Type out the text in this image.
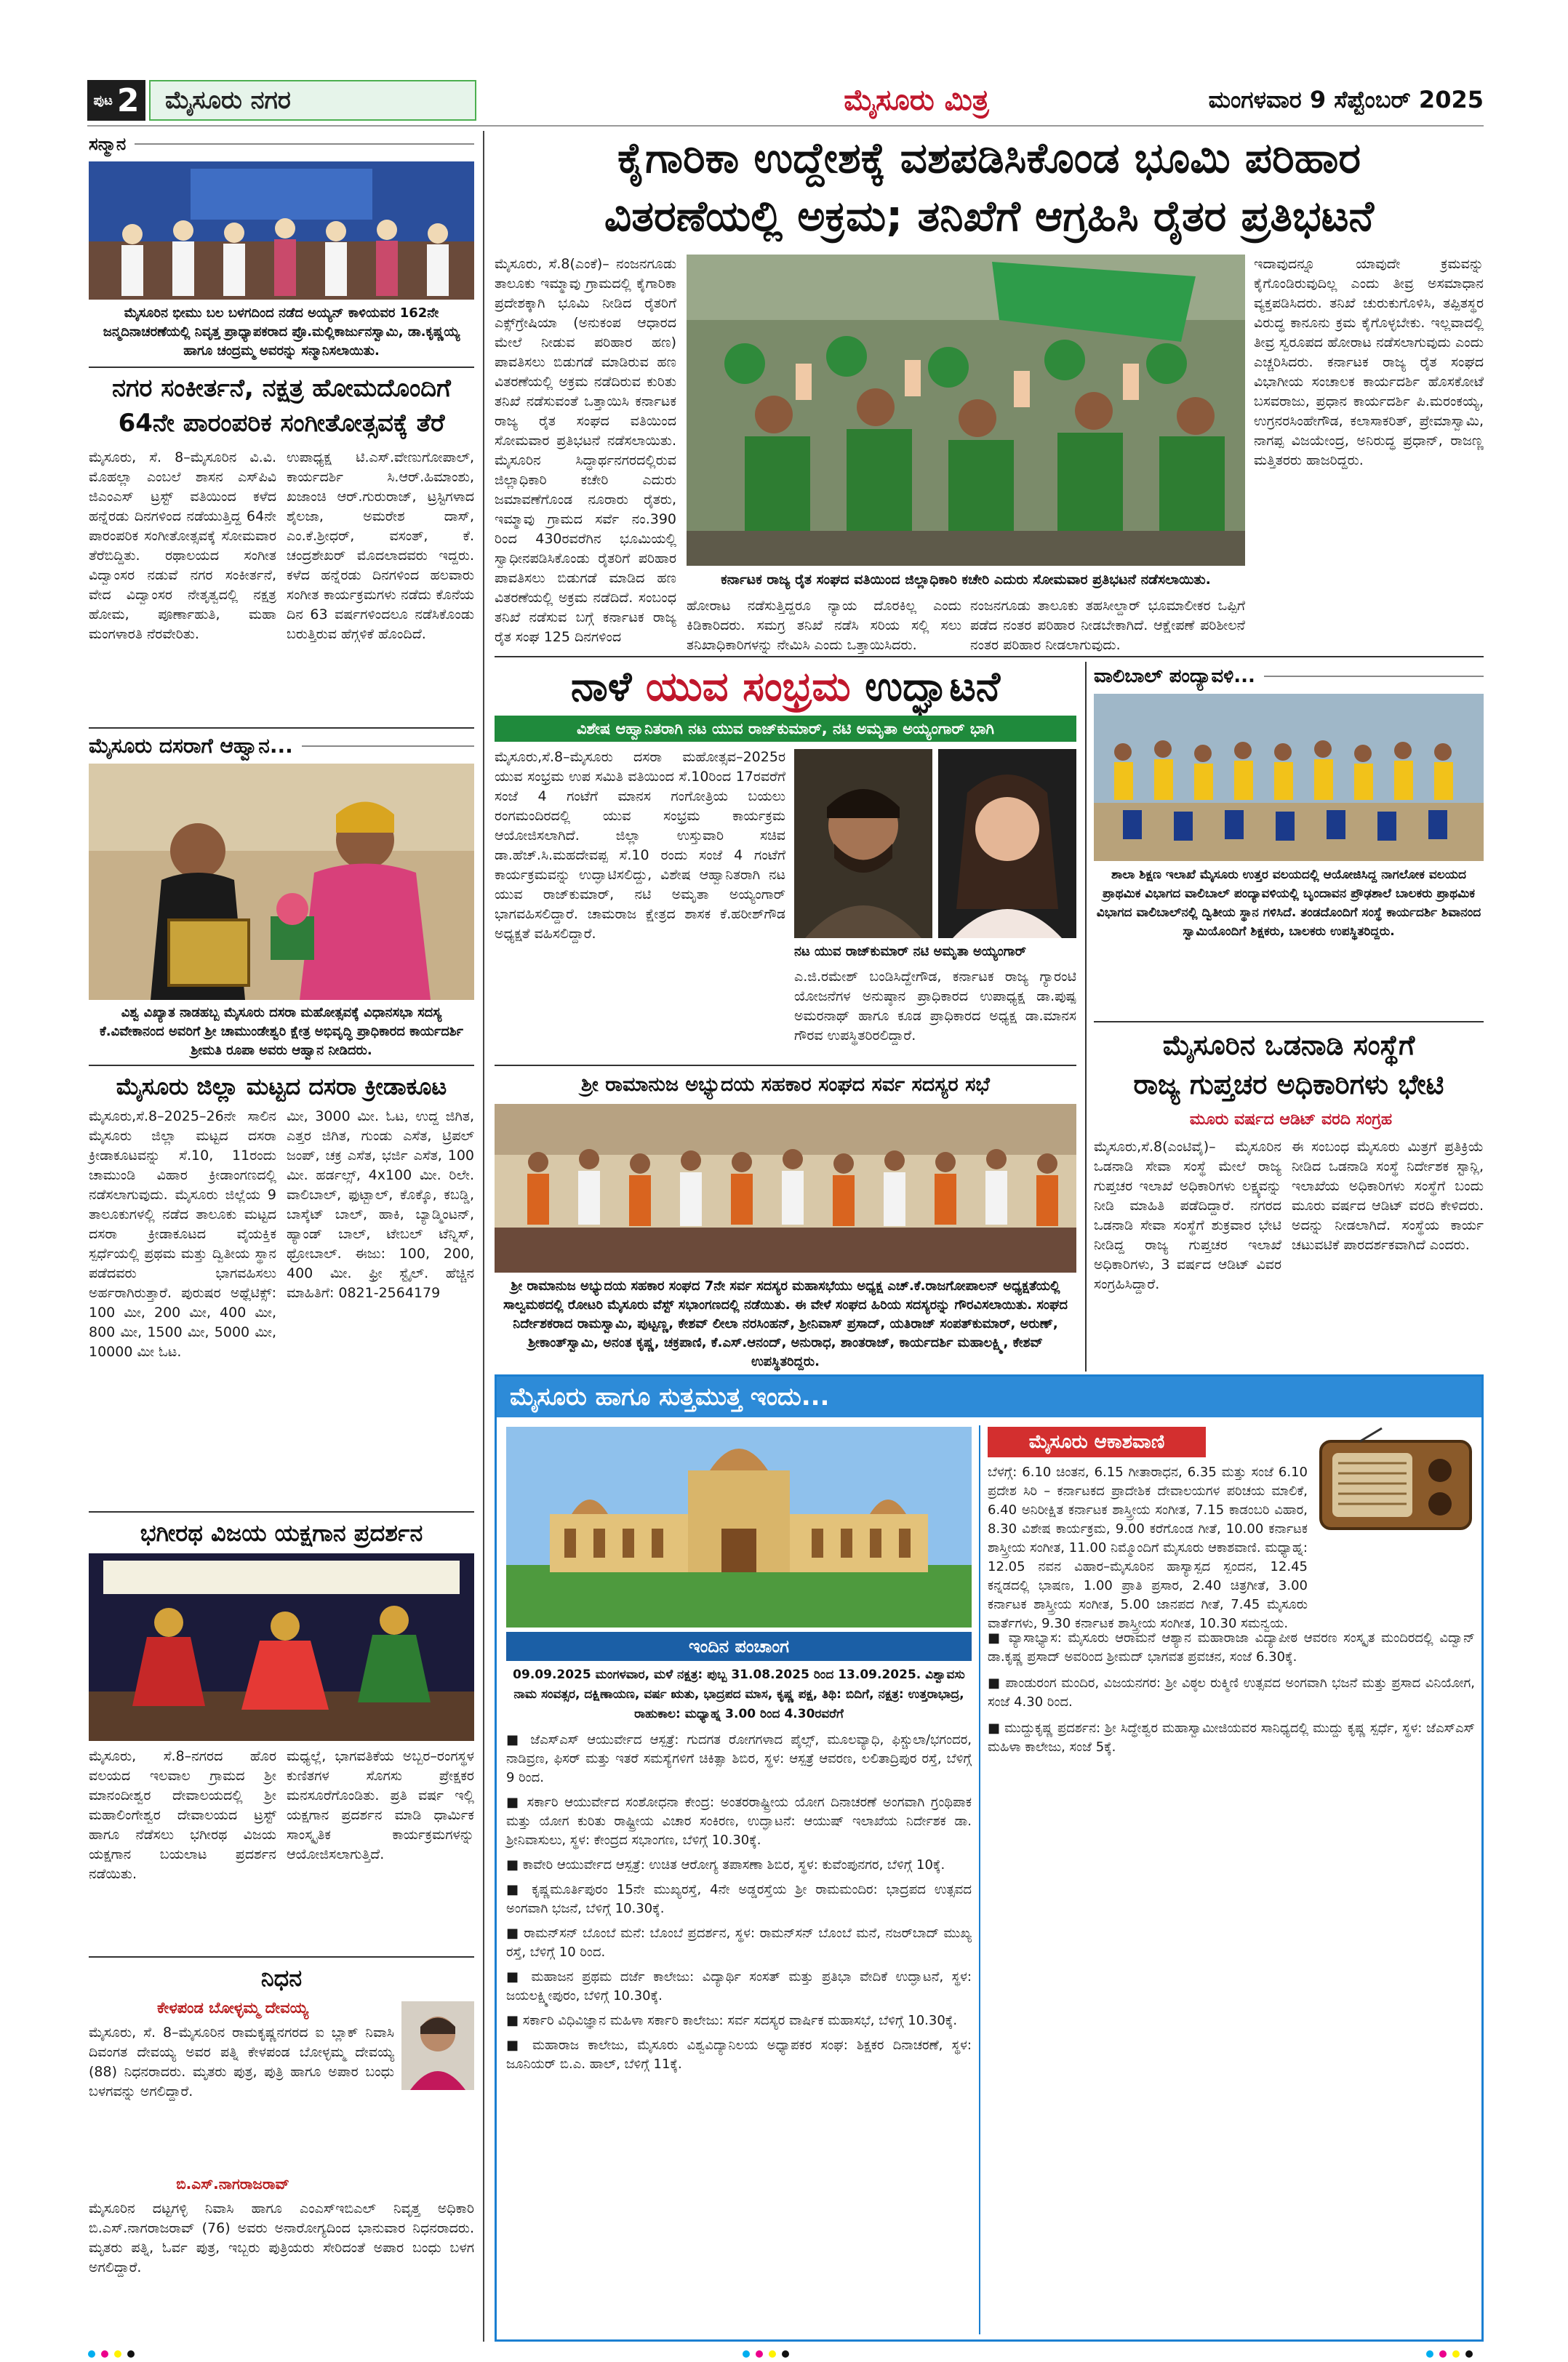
ಪುಟ 2	ಮೈಸೂರು ನಗರ	ಮೈಸೂರು ಮಿತ್ರ	ಮಂಗಳವಾರ 9 ಸೆಪ್ಟೆಂಬರ್ 2025
ಸನ್ಮಾನ
ಮೈಸೂರಿನ ಭೀಮು ಬಲ ಬಳಗದಿಂದ ನಡೆದ ಅಯ್ಯನ್ ಕಾಳಿಯವರ 162ನೇ ಜನ್ಮದಿನಾಚರಣೆಯಲ್ಲಿ ನಿವೃತ್ತ ಪ್ರಾಧ್ಯಾಪಕರಾದ ಪ್ರೊ.ಮಲ್ಲಿಕಾರ್ಜುನಸ್ವಾಮಿ, ಡಾ.ಕೃಷ್ಣಯ್ಯ ಹಾಗೂ ಚಂದ್ರಮ್ಮ ಅವರನ್ನು ಸನ್ಮಾನಿಸಲಾಯಿತು.
ನಗರ ಸಂಕೀರ್ತನೆ, ನಕ್ಷತ್ರ ಹೋಮದೊಂದಿಗೆ 64ನೇ ಪಾರಂಪರಿಕ ಸಂಗೀತೋತ್ಸವಕ್ಕೆ ತೆರೆ
ಮೈಸೂರು, ಸೆ. 8–ಮೈಸೂರಿನ ವಿ.ವಿ. ಮೊಹಲ್ಲಾ ಎಂಬಲೆ ಶಾಸನ ಎಸ್‌ಪಿವಿ ಜಿಎಂಎಸ್ ಟ್ರಸ್ಟ್ ವತಿಯಿಂದ ಕಳೆದ ಹನ್ನೆರಡು ದಿನಗಳಿಂದ ನಡೆಯುತ್ತಿದ್ದ 64ನೇ ಪಾರಂಪರಿಕ ಸಂಗೀತೋತ್ಸವಕ್ಕೆ ಸೋಮವಾರ ತೆರೆಬಿದ್ದಿತು. ರಥಾಲಯದ ಸಂಗೀತ ವಿದ್ವಾಂಸರ ನಡುವೆ ನಗರ ಸಂಕೀರ್ತನೆ, ವೇದ ವಿದ್ವಾಂಸರ ನೇತೃತ್ವದಲ್ಲಿ ನಕ್ಷತ್ರ ಹೋಮ, ಪೂರ್ಣಾಹುತಿ, ಮಹಾ ಮಂಗಳಾರತಿ ನೆರವೇರಿತು.
ಉಪಾಧ್ಯಕ್ಷ ಟಿ.ಎಸ್.ವೇಣುಗೋಪಾಲ್, ಕಾರ್ಯದರ್ಶಿ ಸಿ.ಆರ್.ಹಿಮಾಂಶು, ಖಜಾಂಚಿ ಆರ್.ಗುರುರಾಜ್, ಟ್ರಸ್ಟಿಗಳಾದ ಶೈಲಜಾ, ಅಮರೇಶ ದಾಸ್, ಎಂ.ಕೆ.ಶ್ರೀಧರ್, ವಸಂತ್, ಕೆ. ಚಂದ್ರಶೇಖರ್ ಮೊದಲಾದವರು ಇದ್ದರು. ಕಳೆದ ಹನ್ನೆರಡು ದಿನಗಳಿಂದ ಹಲವಾರು ಸಂಗೀತ ಕಾರ್ಯಕ್ರಮಗಳು ನಡೆದು ಕೊನೆಯ ದಿನ 63 ವರ್ಷಗಳಿಂದಲೂ ನಡೆಸಿಕೊಂಡು ಬರುತ್ತಿರುವ ಹೆಗ್ಗಳಿಕೆ ಹೊಂದಿದೆ.
ಮೈಸೂರು ದಸರಾಗೆ ಆಹ್ವಾನ...
ವಿಶ್ವ ವಿಖ್ಯಾತ ನಾಡಹಬ್ಬ ಮೈಸೂರು ದಸರಾ ಮಹೋತ್ಸವಕ್ಕೆ ವಿಧಾನಸಭಾ ಸದಸ್ಯ ಕೆ.ವಿವೇಕಾನಂದ ಅವರಿಗೆ ಶ್ರೀ ಚಾಮುಂಡೇಶ್ವರಿ ಕ್ಷೇತ್ರ ಅಭಿವೃದ್ಧಿ ಪ್ರಾಧಿಕಾರದ ಕಾರ್ಯದರ್ಶಿ ಶ್ರೀಮತಿ ರೂಪಾ ಅವರು ಆಹ್ವಾನ ನೀಡಿದರು.
ಮೈಸೂರು ಜಿಲ್ಲಾ ಮಟ್ಟದ ದಸರಾ ಕ್ರೀಡಾಕೂಟ
ಮೈಸೂರು,ಸೆ.8–2025–26ನೇ ಸಾಲಿನ ಮೈಸೂರು ಜಿಲ್ಲಾ ಮಟ್ಟದ ದಸರಾ ಕ್ರೀಡಾಕೂಟವನ್ನು ಸೆ.10, 11ರಂದು ಚಾಮುಂಡಿ ವಿಹಾರ ಕ್ರೀಡಾಂಗಣದಲ್ಲಿ ನಡೆಸಲಾಗುವುದು. ಮೈಸೂರು ಜಿಲ್ಲೆಯ 9 ತಾಲೂಕುಗಳಲ್ಲಿ ನಡೆದ ತಾಲೂಕು ಮಟ್ಟದ ದಸರಾ ಕ್ರೀಡಾಕೂಟದ ವೈಯಕ್ತಿಕ ಸ್ಪರ್ಧೆಯಲ್ಲಿ ಪ್ರಥಮ ಮತ್ತು ದ್ವಿತೀಯ ಸ್ಥಾನ ಪಡೆದವರು ಭಾಗವಹಿಸಲು ಅರ್ಹರಾಗಿರುತ್ತಾರೆ. ಪುರುಷರ ಅಥ್ಲೆಟಿಕ್ಸ್: 100 ಮೀ, 200 ಮೀ, 400 ಮೀ, 800 ಮೀ, 1500 ಮೀ, 5000 ಮೀ, 10000 ಮೀ ಓಟ.
ಮೀ, 3000 ಮೀ. ಓಟ, ಉದ್ದ ಜಿಗಿತ, ಎತ್ತರ ಜಿಗಿತ, ಗುಂಡು ಎಸೆತ, ಟ್ರಿಪಲ್ ಜಂಪ್, ಚಕ್ರ ಎಸೆತ, ಭರ್ಜಿ ಎಸೆತ, 100 ಮೀ. ಹರ್ಡಲ್ಸ್, 4x100 ಮೀ. ರಿಲೇ. ವಾಲಿಬಾಲ್, ಫುಟ್ಬಾಲ್, ಕೊಕ್ಕೊ, ಕಬಡ್ಡಿ, ಬಾಸ್ಕೆಟ್ ಬಾಲ್, ಹಾಕಿ, ಬ್ಯಾಡ್ಮಿಂಟನ್, ಹ್ಯಾಂಡ್ ಬಾಲ್, ಟೇಬಲ್ ಟೆನ್ನಿಸ್, ಥ್ರೋಬಾಲ್. ಈಜು: 100, 200, 400 ಮೀ. ಫ್ರೀ ಸ್ಟೈಲ್. ಹೆಚ್ಚಿನ ಮಾಹಿತಿಗೆ: 0821-2564179
ಭಗೀರಥ ವಿಜಯ ಯಕ್ಷಗಾನ ಪ್ರದರ್ಶನ
ಮೈಸೂರು, ಸೆ.8–ನಗರದ ಹೊರ ವಲಯದ ಇಲವಾಲ ಗ್ರಾಮದ ಶ್ರೀ ಮಾನಂದೀಶ್ವರ ದೇವಾಲಯದಲ್ಲಿ ಶ್ರೀ ಮಹಾಲಿಂಗೇಶ್ವರ ದೇವಾಲಯದ ಟ್ರಸ್ಟ್ ಹಾಗೂ ನೆಡೆಸಲು ಭಗೀರಥ ವಿಜಯ ಯಕ್ಷಗಾನ ಬಯಲಾಟ ಪ್ರದರ್ಶನ ನಡೆಯಿತು.
ಮಧ್ಯಲ್ಲೆ, ಭಾಗವತಿಕೆಯ ಅಬ್ಬರ–ರಂಗಸ್ಥಳ ಕುಣಿತಗಳ ಸೊಗಸು ಪ್ರೇಕ್ಷಕರ ಮನಸೂರೆಗೊಂಡಿತು. ಪ್ರತಿ ವರ್ಷ ಇಲ್ಲಿ ಯಕ್ಷಗಾನ ಪ್ರದರ್ಶನ ಮಾಡಿ ಧಾರ್ಮಿಕ ಸಾಂಸ್ಕೃತಿಕ ಕಾರ್ಯಕ್ರಮಗಳನ್ನು ಆಯೋಜಿಸಲಾಗುತ್ತಿದೆ.
ನಿಧನ
ಕೇಳಪಂಡ ಬೋಳ್ಳಮ್ಮ ದೇವಯ್ಯ
ಮೈಸೂರು, ಸೆ. 8–ಮೈಸೂರಿನ ರಾಮಕೃಷ್ಣನಗರದ ಐ ಬ್ಲಾಕ್ ನಿವಾಸಿ ದಿವಂಗತ ದೇವಯ್ಯ ಅವರ ಪತ್ನಿ ಕೇಳಪಂಡ ಬೋಳ್ಳಮ್ಮ ದೇವಯ್ಯ (88) ನಿಧನರಾದರು. ಮೃತರು ಪುತ್ರ, ಪುತ್ರಿ ಹಾಗೂ ಅಪಾರ ಬಂಧು ಬಳಗವನ್ನು ಅಗಲಿದ್ದಾರೆ.
ಬಿ.ಎಸ್.ನಾಗರಾಜರಾವ್
ಮೈಸೂರಿನ ದಟ್ಟಗಳ್ಳಿ ನಿವಾಸಿ ಹಾಗೂ ಎಂಎಸ್‌ಇಬಿಎಲ್ ನಿವೃತ್ತ ಅಧಿಕಾರಿ ಬಿ.ಎಸ್.ನಾಗರಾಜರಾವ್ (76) ಅವರು ಅನಾರೋಗ್ಯದಿಂದ ಭಾನುವಾರ ನಿಧನರಾದರು. ಮೃತರು ಪತ್ನಿ, ಓರ್ವ ಪುತ್ರ, ಇಬ್ಬರು ಪುತ್ರಿಯರು ಸೇರಿದಂತೆ ಅಪಾರ ಬಂಧು ಬಳಗ ಅಗಲಿದ್ದಾರೆ.
ಕೈಗಾರಿಕಾ ಉದ್ದೇಶಕ್ಕೆ ವಶಪಡಿಸಿಕೊಂಡ ಭೂಮಿ ಪರಿಹಾರ
ವಿತರಣೆಯಲ್ಲಿ ಅಕ್ರಮ; ತನಿಖೆಗೆ ಆಗ್ರಹಿಸಿ ರೈತರ ಪ್ರತಿಭಟನೆ
ಮೈಸೂರು, ಸೆ.8(ಎಂಕೆ)– ನಂಜನಗೂಡು ತಾಲೂಕು ಇಮ್ಮಾವು ಗ್ರಾಮದಲ್ಲಿ ಕೈಗಾರಿಕಾ ಪ್ರದೇಶಕ್ಕಾಗಿ ಭೂಮಿ ನೀಡಿದ ರೈತರಿಗೆ ಎಕ್ಸ್‌ಗ್ರೇಷಿಯಾ (ಅನುಕಂಪ ಆಧಾರದ ಮೇಲೆ ನೀಡುವ ಪರಿಹಾರ ಹಣ) ಪಾವತಿಸಲು ಬಿಡುಗಡೆ ಮಾಡಿರುವ ಹಣ ವಿತರಣೆಯಲ್ಲಿ ಅಕ್ರಮ ನಡೆದಿರುವ ಕುರಿತು ತನಿಖೆ ನಡೆಸುವಂತೆ ಒತ್ತಾಯಿಸಿ ಕರ್ನಾಟಕ ರಾಜ್ಯ ರೈತ ಸಂಘದ ವತಿಯಿಂದ ಸೋಮವಾರ ಪ್ರತಿಭಟನೆ ನಡೆಸಲಾಯಿತು. ಮೈಸೂರಿನ ಸಿದ್ಧಾರ್ಥನಗರದಲ್ಲಿರುವ ಜಿಲ್ಲಾಧಿಕಾರಿ ಕಚೇರಿ ಎದುರು ಜಮಾವಣೆಗೊಂಡ ನೂರಾರು ರೈತರು, ಇಮ್ಮಾವು ಗ್ರಾಮದ ಸರ್ವೆ ನಂ.390 ರಿಂದ 430ರವರೆಗಿನ ಭೂಮಿಯಲ್ಲಿ ಸ್ವಾಧೀನಪಡಿಸಿಕೊಂಡು ರೈತರಿಗೆ ಪರಿಹಾರ ಪಾವತಿಸಲು ಬಿಡುಗಡೆ ಮಾಡಿದ ಹಣ ವಿತರಣೆಯಲ್ಲಿ ಅಕ್ರಮ ನಡೆದಿದೆ. ಸಂಬಂಧ ತನಿಖೆ ನಡೆಸುವ ಬಗ್ಗೆ ಕರ್ನಾಟಕ ರಾಜ್ಯ ರೈತ ಸಂಘ 125 ದಿನಗಳಿಂದ
ಕರ್ನಾಟಕ ರಾಜ್ಯ ರೈತ ಸಂಘದ ವತಿಯಿಂದ ಜಿಲ್ಲಾಧಿಕಾರಿ ಕಚೇರಿ ಎದುರು ಸೋಮವಾರ ಪ್ರತಿಭಟನೆ ನಡೆಸಲಾಯಿತು.
ಹೋರಾಟ ನಡೆಸುತ್ತಿದ್ದರೂ ನ್ಯಾಯ ದೊರಕಿಲ್ಲ ಎಂದು ಕಿಡಿಕಾರಿದರು. ಸಮಗ್ರ ತನಿಖೆ ನಡೆಸಿ ಸರಿಯ ಸಲ್ಲಿ ಸಲು ತನಿಖಾಧಿಕಾರಿಗಳನ್ನು ನೇಮಿಸಿ ಎಂದು ಒತ್ತಾಯಿಸಿದರು.
ನಂಜನಗೂಡು ತಾಲೂಕು ತಹಸೀಲ್ದಾರ್ ಭೂಮಾಲೀಕರ ಒಪ್ಪಿಗೆ ಪಡೆದ ನಂತರ ಪರಿಹಾರ ನೀಡಬೇಕಾಗಿದೆ. ಆಕ್ಷೇಪಣೆ ಪರಿಶೀಲನೆ ನಂತರ ಪರಿಹಾರ ನೀಡಲಾಗುವುದು.
ಇದಾವುದನ್ನೂ ಯಾವುದೇ ಕ್ರಮವನ್ನು ಕೈಗೊಂಡಿರುವುದಿಲ್ಲ ಎಂದು ತೀವ್ರ ಅಸಮಾಧಾನ ವ್ಯಕ್ತಪಡಿಸಿದರು. ತನಿಖೆ ಚುರುಕುಗೊಳಿಸಿ, ತಪ್ಪಿತಸ್ಥರ ವಿರುದ್ಧ ಕಾನೂನು ಕ್ರಮ ಕೈಗೊಳ್ಳಬೇಕು. ಇಲ್ಲವಾದಲ್ಲಿ ತೀವ್ರ ಸ್ವರೂಪದ ಹೋರಾಟ ನಡೆಸಲಾಗುವುದು ಎಂದು ಎಚ್ಚರಿಸಿದರು. ಕರ್ನಾಟಕ ರಾಜ್ಯ ರೈತ ಸಂಘದ ವಿಭಾಗೀಯ ಸಂಚಾಲಕ ಕಾರ್ಯದರ್ಶಿ ಹೊಸಕೋಟೆ ಬಸವರಾಜು, ಪ್ರಧಾನ ಕಾರ್ಯದರ್ಶಿ ಪಿ.ಮರಂಕಯ್ಯ, ಉಗ್ರನರಸಿಂಹೇಗೌಡ, ಕಲಾಸಾಕರಿತ್, ಪ್ರೇಮಾಸ್ವಾಮಿ, ನಾಗಪ್ಪ ವಿಜಯೇಂದ್ರ, ಅನಿರುದ್ಧ ಪ್ರಧಾನ್, ರಾಜಣ್ಣ ಮತ್ತಿತರರು ಹಾಜರಿದ್ದರು.
ನಾಳೆ ಯುವ ಸಂಭ್ರಮ ಉದ್ಘಾಟನೆ
ವಿಶೇಷ ಆಹ್ವಾನಿತರಾಗಿ ನಟ ಯುವ ರಾಜ್‌ಕುಮಾರ್, ನಟಿ ಅಮೃತಾ ಅಯ್ಯಂಗಾರ್ ಭಾಗಿ
ಮೈಸೂರು,ಸೆ.8–ಮೈಸೂರು ದಸರಾ ಮಹೋತ್ಸವ–2025ರ ಯುವ ಸಂಭ್ರಮ ಉಪ ಸಮಿತಿ ವತಿಯಿಂದ ಸೆ.10ರಿಂದ 17ರವರೆಗೆ ಸಂಜೆ 4 ಗಂಟೆಗೆ ಮಾನಸ ಗಂಗೋತ್ರಿಯ ಬಯಲು ರಂಗಮಂದಿರದಲ್ಲಿ ಯುವ ಸಂಭ್ರಮ ಕಾರ್ಯಕ್ರಮ ಆಯೋಜಿಸಲಾಗಿದೆ. ಜಿಲ್ಲಾ ಉಸ್ತುವಾರಿ ಸಚಿವ ಡಾ.ಹೆಚ್.ಸಿ.ಮಹದೇವಪ್ಪ ಸೆ.10 ರಂದು ಸಂಜೆ 4 ಗಂಟೆಗೆ ಕಾರ್ಯಕ್ರಮವನ್ನು ಉದ್ಘಾಟಿಸಲಿದ್ದು, ವಿಶೇಷ ಆಹ್ವಾನಿತರಾಗಿ ನಟ ಯುವ ರಾಜ್‌ಕುಮಾರ್, ನಟಿ ಅಮೃತಾ ಅಯ್ಯಂಗಾರ್ ಭಾಗವಹಿಸಲಿದ್ದಾರೆ. ಚಾಮರಾಜ ಕ್ಷೇತ್ರದ ಶಾಸಕ ಕೆ.ಹರೀಶ್‌ಗೌಡ ಅಧ್ಯಕ್ಷತೆ ವಹಿಸಲಿದ್ದಾರೆ.
ನಟ ಯುವ ರಾಜ್‌ಕುಮಾರ್ ನಟಿ ಅಮೃತಾ ಅಯ್ಯಂಗಾರ್
ಎ.ಜಿ.ರಮೇಶ್ ಬಂಡಿಸಿದ್ದೇಗೌಡ, ಕರ್ನಾಟಕ ರಾಜ್ಯ ಗ್ಯಾರಂಟಿ ಯೋಜನೆಗಳ ಅನುಷ್ಠಾನ ಪ್ರಾಧಿಕಾರದ ಉಪಾಧ್ಯಕ್ಷ ಡಾ.ಪುಷ್ಪ ಅಮರನಾಥ್ ಹಾಗೂ ಕೂಡ ಪ್ರಾಧಿಕಾರದ ಅಧ್ಯಕ್ಷ ಡಾ.ಮಾನಸ ಗೌರವ ಉಪಸ್ಥಿತರಿರಲಿದ್ದಾರೆ.
ಶ್ರೀ ರಾಮಾನುಜ ಅಭ್ಯುದಯ ಸಹಕಾರ ಸಂಘದ ಸರ್ವ ಸದಸ್ಯರ ಸಭೆ
ಶ್ರೀ ರಾಮಾನುಜ ಅಭ್ಯುದಯ ಸಹಕಾರ ಸಂಘದ 7ನೇ ಸರ್ವ ಸದಸ್ಯರ ಮಹಾಸಭೆಯು ಅಧ್ಯಕ್ಷ ಎಚ್.ಕೆ.ರಾಜಗೋಪಾಲನ್ ಅಧ್ಯಕ್ಷತೆಯಲ್ಲಿ ಸಾಲ್ವಮಠದಲ್ಲಿ ರೋಟರಿ ಮೈಸೂರು ವೆಸ್ಟ್ ಸಭಾಂಗಣದಲ್ಲಿ ನಡೆಯಿತು. ಈ ವೇಳೆ ಸಂಘದ ಹಿರಿಯ ಸದಸ್ಯರನ್ನು ಗೌರವಿಸಲಾಯಿತು. ಸಂಘದ ನಿರ್ದೇಶಕರಾದ ರಾಮಸ್ವಾಮಿ, ಪುಟ್ಟಣ್ಣ, ಕೇಶವ್ ಲೀಲಾ ನರಸಿಂಹನ್, ಶ್ರೀನಿವಾಸ್ ಪ್ರಸಾದ್, ಯತಿರಾಜ್ ಸಂಪತ್‌ಕುಮಾರ್, ಅರುಣ್, ಶ್ರೀಕಾಂತ್‌ಸ್ವಾಮಿ, ಅನಂತ ಕೃಷ್ಣ, ಚಕ್ರಪಾಣಿ, ಕೆ.ಎಸ್.ಆನಂದ್, ಅನುರಾಧ, ಶಾಂತರಾಜ್, ಕಾರ್ಯದರ್ಶಿ ಮಹಾಲಕ್ಷ್ಮಿ, ಕೇಶವ್ ಉಪಸ್ಥಿತರಿದ್ದರು.
ವಾಲಿಬಾಲ್ ಪಂದ್ಯಾವಳಿ...
ಶಾಲಾ ಶಿಕ್ಷಣ ಇಲಾಖೆ ಮೈಸೂರು ಉತ್ತರ ವಲಯದಲ್ಲಿ ಆಯೋಜಿಸಿದ್ದ ನಾಗಲೋಕ ವಲಯದ ಪ್ರಾಥಮಿಕ ವಿಭಾಗದ ವಾಲಿಬಾಲ್ ಪಂದ್ಯಾವಳಿಯಲ್ಲಿ ಬೃಂದಾವನ ಪ್ರೌಢಶಾಲೆ ಬಾಲಕರು ಪ್ರಾಥಮಿಕ ವಿಭಾಗದ ವಾಲಿಬಾಲ್‌ನಲ್ಲಿ ದ್ವಿತೀಯ ಸ್ಥಾನ ಗಳಿಸಿದೆ. ತಂಡದೊಂದಿಗೆ ಸಂಸ್ಥೆ ಕಾರ್ಯದರ್ಶಿ ಶಿವಾನಂದ ಸ್ವಾಮಿಯೊಂದಿಗೆ ಶಿಕ್ಷಕರು, ಬಾಲಕರು ಉಪಸ್ಥಿತರಿದ್ದರು.
ಮೈಸೂರಿನ ಒಡನಾಡಿ ಸಂಸ್ಥೆಗೆ
ರಾಜ್ಯ ಗುಪ್ತಚರ ಅಧಿಕಾರಿಗಳು ಭೇಟಿ
ಮೂರು ವರ್ಷದ ಆಡಿಟ್ ವರದಿ ಸಂಗ್ರಹ
ಮೈಸೂರು,ಸೆ.8(ಎಂಟಿವೈ)– ಮೈಸೂರಿನ ಒಡನಾಡಿ ಸೇವಾ ಸಂಸ್ಥೆ ಮೇಲೆ ರಾಜ್ಯ ಗುಪ್ತಚರ ಇಲಾಖೆ ಅಧಿಕಾರಿಗಳು ಲಕ್ಷ್ಯವನ್ನು ನೀಡಿ ಮಾಹಿತಿ ಪಡೆದಿದ್ದಾರೆ. ನಗರದ ಒಡನಾಡಿ ಸೇವಾ ಸಂಸ್ಥೆಗೆ ಶುಕ್ರವಾರ ಭೇಟಿ ನೀಡಿದ್ದ ರಾಜ್ಯ ಗುಪ್ತಚರ ಇಲಾಖೆ ಅಧಿಕಾರಿಗಳು, 3 ವರ್ಷದ ಆಡಿಟ್ ವಿವರ ಸಂಗ್ರಹಿಸಿದ್ದಾರೆ.
ಈ ಸಂಬಂಧ ಮೈಸೂರು ಮಿತ್ರಗೆ ಪ್ರತಿಕ್ರಿಯೆ ನೀಡಿದ ಒಡನಾಡಿ ಸಂಸ್ಥೆ ನಿರ್ದೇಶಕ ಸ್ಟಾನ್ಲಿ, ಇಲಾಖೆಯ ಅಧಿಕಾರಿಗಳು ಸಂಸ್ಥೆಗೆ ಬಂದು ಮೂರು ವರ್ಷದ ಆಡಿಟ್ ವರದಿ ಕೇಳಿದರು. ಅದನ್ನು ನೀಡಲಾಗಿದೆ. ಸಂಸ್ಥೆಯ ಕಾರ್ಯ ಚಟುವಟಿಕೆ ಪಾರದರ್ಶಕವಾಗಿದೆ ಎಂದರು.
ಮೈಸೂರು ಹಾಗೂ ಸುತ್ತಮುತ್ತ ಇಂದು...
ಇಂದಿನ ಪಂಚಾಂಗ
09.09.2025 ಮಂಗಳವಾರ, ಮಳೆ ನಕ್ಷತ್ರ: ಪುಬ್ಬ 31.08.2025 ರಿಂದ 13.09.2025. ವಿಶ್ವಾವಸು ನಾಮ ಸಂವತ್ಸರ, ದಕ್ಷಿಣಾಯಣ, ವರ್ಷ ಋತು, ಭಾದ್ರಪದ ಮಾಸ, ಕೃಷ್ಣ ಪಕ್ಷ, ತಿಥಿ: ಬಿದಿಗೆ, ನಕ್ಷತ್ರ: ಉತ್ತರಾಭಾದ್ರ, ರಾಹುಕಾಲ: ಮಧ್ಯಾಹ್ನ 3.00 ರಿಂದ 4.30ರವರೆಗೆ
■ ಜೆಎಸ್‌ಎಸ್ ಆಯುರ್ವೇದ ಆಸ್ಪತ್ರೆ: ಗುದಗತ ರೋಗಗಳಾದ ಪೈಲ್ಸ್, ಮೂಲವ್ಯಾಧಿ, ಫಿಸ್ಚುಲಾ/ಭಗಂದರ, ನಾಡಿವ್ರಣ, ಫಿಸರ್ ಮತ್ತು ಇತರೆ ಸಮಸ್ಯೆಗಳಿಗೆ ಚಿಕಿತ್ಸಾ ಶಿಬಿರ, ಸ್ಥಳ: ಆಸ್ಪತ್ರೆ ಆವರಣ, ಲಲಿತಾದ್ರಿಪುರ ರಸ್ತೆ, ಬೆಳಿಗ್ಗೆ 9 ರಿಂದ.
■ ಸರ್ಕಾರಿ ಆಯುರ್ವೇದ ಸಂಶೋಧನಾ ಕೇಂದ್ರ: ಅಂತರರಾಷ್ಟ್ರೀಯ ಯೋಗ ದಿನಾಚರಣೆ ಅಂಗವಾಗಿ ಗ್ರಂಥಿಪಾಕ ಮತ್ತು ಯೋಗ ಕುರಿತು ರಾಷ್ಟ್ರೀಯ ವಿಚಾರ ಸಂಕಿರಣ, ಉದ್ಘಾಟನೆ: ಆಯುಷ್ ಇಲಾಖೆಯ ನಿರ್ದೇಶಕ ಡಾ. ಶ್ರೀನಿವಾಸುಲು, ಸ್ಥಳ: ಕೇಂದ್ರದ ಸಭಾಂಗಣ, ಬೆಳಿಗ್ಗೆ 10.30ಕ್ಕೆ.
■ ಕಾವೇರಿ ಆಯುರ್ವೇದ ಆಸ್ಪತ್ರೆ: ಉಚಿತ ಆರೋಗ್ಯ ತಪಾಸಣಾ ಶಿಬಿರ, ಸ್ಥಳ: ಕುವೆಂಪುನಗರ, ಬೆಳಿಗ್ಗೆ 10ಕ್ಕೆ.
■ ಕೃಷ್ಣಮೂರ್ತಿಪುರಂ 15ನೇ ಮುಖ್ಯರಸ್ತೆ, 4ನೇ ಅಡ್ಡರಸ್ತೆಯ ಶ್ರೀ ರಾಮಮಂದಿರ: ಭಾದ್ರಪದ ಉತ್ಸವದ ಅಂಗವಾಗಿ ಭಜನೆ, ಬೆಳಿಗ್ಗೆ 10.30ಕ್ಕೆ.
■ ರಾಮನ್‌ಸನ್ ಬೊಂಬೆ ಮನೆ: ಬೊಂಬೆ ಪ್ರದರ್ಶನ, ಸ್ಥಳ: ರಾಮನ್‌ಸನ್ ಬೊಂಬೆ ಮನೆ, ನಜರ್‌ಬಾದ್ ಮುಖ್ಯ ರಸ್ತೆ, ಬೆಳಿಗ್ಗೆ 10 ರಿಂದ.
■ ಮಹಾಜನ ಪ್ರಥಮ ದರ್ಜೆ ಕಾಲೇಜು: ವಿದ್ಯಾರ್ಥಿ ಸಂಸತ್ ಮತ್ತು ಪ್ರತಿಭಾ ವೇದಿಕೆ ಉದ್ಘಾಟನೆ, ಸ್ಥಳ: ಜಯಲಕ್ಷ್ಮೀಪುರಂ, ಬೆಳಿಗ್ಗೆ 10.30ಕ್ಕೆ.
■ ಸರ್ಕಾರಿ ವಿಧಿವಿಜ್ಞಾನ ಮಹಿಳಾ ಸರ್ಕಾರಿ ಕಾಲೇಜು: ಸರ್ವ ಸದಸ್ಯರ ವಾರ್ಷಿಕ ಮಹಾಸಭೆ, ಬೆಳಿಗ್ಗೆ 10.30ಕ್ಕೆ.
■ ಮಹಾರಾಜ ಕಾಲೇಜು, ಮೈಸೂರು ವಿಶ್ವವಿದ್ಯಾನಿಲಯ ಅಧ್ಯಾಪಕರ ಸಂಘ: ಶಿಕ್ಷಕರ ದಿನಾಚರಣೆ, ಸ್ಥಳ: ಜೂನಿಯರ್ ಬಿ.ಎ. ಹಾಲ್, ಬೆಳಿಗ್ಗೆ 11ಕ್ಕೆ.
ಮೈಸೂರು ಆಕಾಶವಾಣಿ
ಬೆಳಗ್ಗೆ: 6.10 ಚಿಂತನ, 6.15 ಗೀತಾರಾಧನ, 6.35 ಮತ್ತು ಸಂಜೆ 6.10 ಪ್ರದೇಶ ಸಿರಿ – ಕರ್ನಾಟಕದ ಪ್ರಾದೇಶಿಕ ದೇವಾಲಯಗಳ ಪರಿಚಯ ಮಾಲಿಕೆ, 6.40 ಅನಿರೀಕ್ಷಿತ ಕರ್ನಾಟಕ ಶಾಸ್ತ್ರೀಯ ಸಂಗೀತ, 7.15 ಕಾಡಂಬರಿ ವಿಹಾರ, 8.30 ವಿಶೇಷ ಕಾರ್ಯಕ್ರಮ, 9.00 ಕರೆಗೊಂಡ ಗೀತೆ, 10.00 ಕರ್ನಾಟಕ ಶಾಸ್ತ್ರೀಯ ಸಂಗೀತ, 11.00 ನಿಮ್ಮೊಂದಿಗೆ ಮೈಸೂರು ಆಕಾಶವಾಣಿ. ಮಧ್ಯಾಹ್ನ: 12.05 ನವನ ವಿಹಾರ–ಮೈಸೂರಿನ ಹಾಸ್ಯಾಸ್ಪದ ಸ್ಪಂದನ, 12.45 ಕನ್ನಡದಲ್ಲಿ ಭಾಷಣ, 1.00 ಪ್ರಾತಿ ಪ್ರಸಾರ, 2.40 ಚಿತ್ರಗೀತೆ, 3.00 ಕರ್ನಾಟಕ ಶಾಸ್ತ್ರೀಯ ಸಂಗೀತ, 5.00 ಜಾನಪದ ಗೀತೆ, 7.45 ಮೈಸೂರು ವಾರ್ತೆಗಳು, 9.30 ಕರ್ನಾಟಕ ಶಾಸ್ತ್ರೀಯ ಸಂಗೀತ, 10.30 ಸಮನ್ವಯ.
■ ವ್ಯಾಸಾಭ್ಯಾಸ: ಮೈಸೂರು ಆರಾಮನೆ ಆಶ್ಯಾನ ಮಹಾರಾಜಾ ವಿದ್ಯಾಪೀಠ ಆವರಣ ಸಂಸ್ಕೃತ ಮಂದಿರದಲ್ಲಿ ವಿದ್ವಾನ್ ಡಾ.ಕೃಷ್ಣ ಪ್ರಸಾದ್ ಅವರಿಂದ ಶ್ರೀಮದ್ ಭಾಗವತ ಪ್ರವಚನ, ಸಂಜೆ 6.30ಕ್ಕೆ.
■ ಪಾಂಡುರಂಗ ಮಂದಿರ, ವಿಜಯನಗರ: ಶ್ರೀ ವಿಠ್ಠಲ ರುಕ್ಮಿಣಿ ಉತ್ಸವದ ಅಂಗವಾಗಿ ಭಜನೆ ಮತ್ತು ಪ್ರಸಾದ ವಿನಿಯೋಗ, ಸಂಜೆ 4.30 ರಿಂದ.
■ ಮುದ್ದುಕೃಷ್ಣ ಪ್ರದರ್ಶನ: ಶ್ರೀ ಸಿದ್ಧೇಶ್ವರ ಮಹಾಸ್ವಾಮೀಜಿಯವರ ಸಾನಿಧ್ಯದಲ್ಲಿ ಮುದ್ದು ಕೃಷ್ಣ ಸ್ಪರ್ಧೆ, ಸ್ಥಳ: ಜೆಎಸ್‌ಎಸ್ ಮಹಿಳಾ ಕಾಲೇಜು, ಸಂಜೆ 5ಕ್ಕೆ.
